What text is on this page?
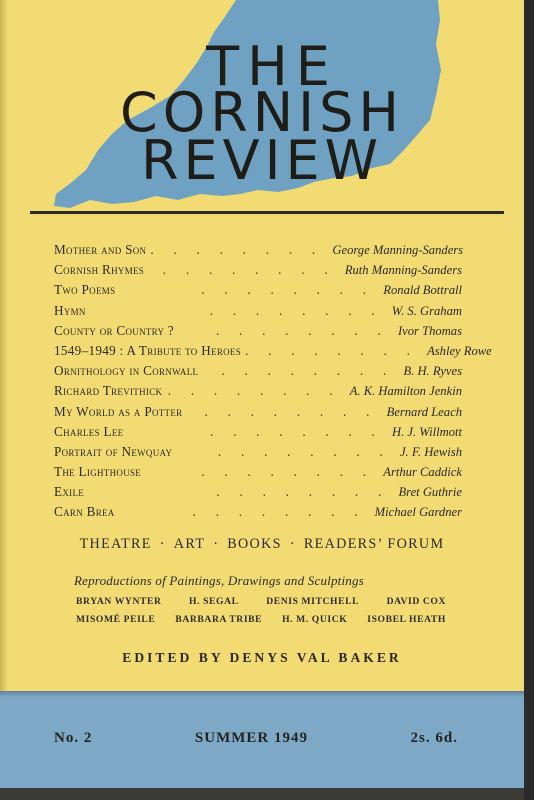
THE
CORNISH
REVIEW
Mother and Son .      .      .      .      .      .      .      . George Manning-Sanders
Cornish Rhymes	.      .      .      .      .      .      .      . Ruth Manning-Sanders
Two Poems	.      .      .      .      .      .      .      . Ronald Bottrall
Hymn	.      .      .      .      .      .      .      . W. S. Graham
County or Country ?	.      .      .      .      .      .      .      . Ivor Thomas
1549–1949 : A Tribute to Heroes .      .      .      .      .      .      .      . Ashley Rowe
Ornithology in Cornwall	.      .      .      .      .      .      .      . B. H. Ryves
Richard Trevithick .      .      .      .      .      .      .      . A. K. Hamilton Jenkin
My World as a Potter	.      .      .      .      .      .      .      . Bernard Leach
Charles Lee	.      .      .      .      .      .      .      . H. J. Willmott
Portrait of Newquay	.      .      .      .      .      .      .      . J. F. Hewish
The Lighthouse	.      .      .      .      .      .      .      . Arthur Caddick
Exile	.      .      .      .      .      .      .      . Bret Guthrie
Carn Brea	.      .      .      .      .      .      .      . Michael Gardner
THEATRE · ART · BOOKS · READERS’ FORUM
Reproductions of Paintings, Drawings and Sculptings
BRYAN WYNTER	H. SEGAL	DENIS MITCHELL	DAVID COX
MISOMÉ PEILE BARBARA TRIBE H. M. QUICK ISOBEL HEATH
EDITED BY DENYS VAL BAKER
No. 2	SUMMER 1949	2s. 6d.
